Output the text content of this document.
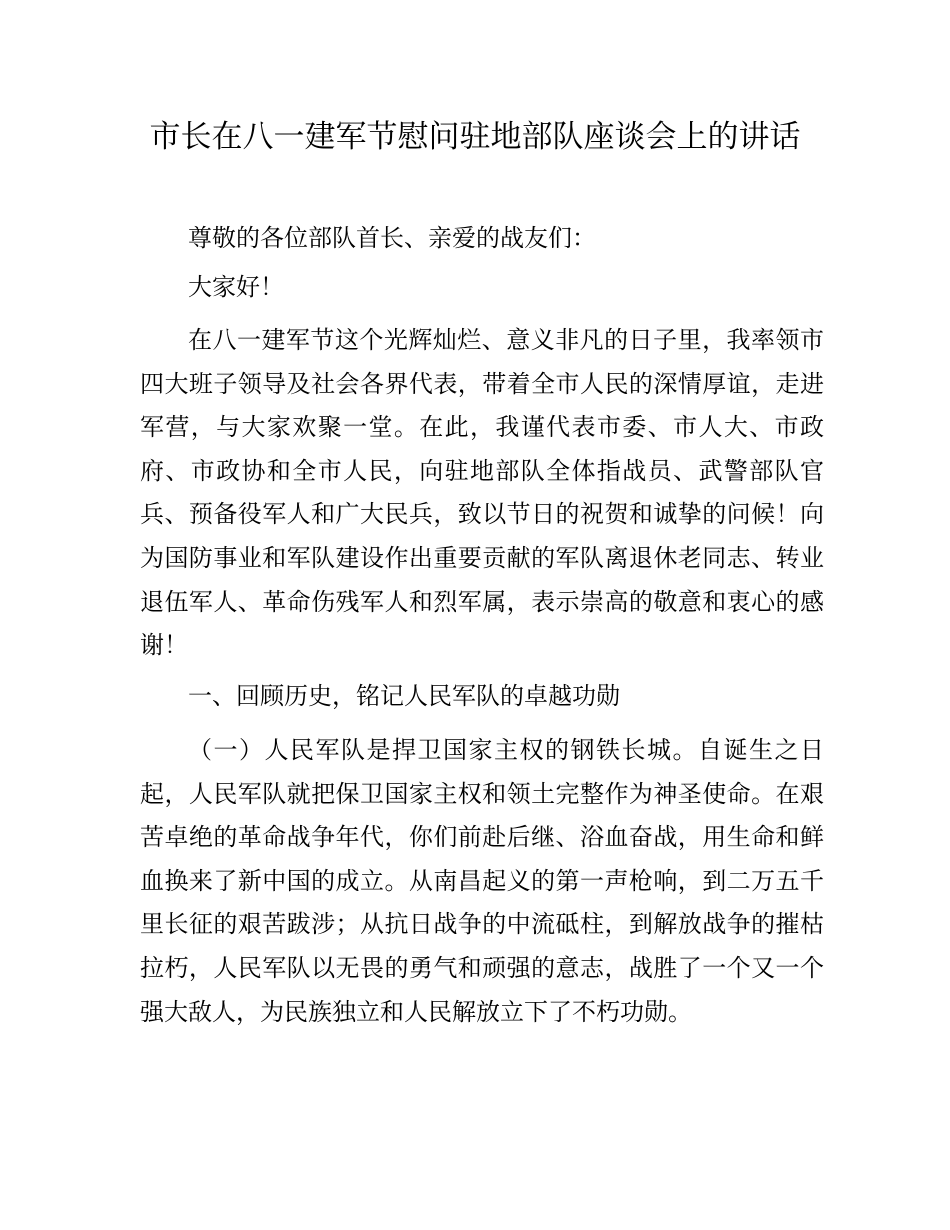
市长在八一建军节慰问驻地部队座谈会上的讲话

尊敬的各位部队首长、亲爱的战友们：

大家好！

在八一建军节这个光辉灿烂、意义非凡的日子里，我率领市四大班子领导及社会各界代表，带着全市人民的深情厚谊，走进军营，与大家欢聚一堂。在此，我谨代表市委、市人大、市政府、市政协和全市人民，向驻地部队全体指战员、武警部队官兵、预备役军人和广大民兵，致以节日的祝贺和诚挚的问候！向为国防事业和军队建设作出重要贡献的军队离退休老同志、转业退伍军人、革命伤残军人和烈军属，表示崇高的敬意和衷心的感谢！

一、回顾历史，铭记人民军队的卓越功勋

（一）人民军队是捍卫国家主权的钢铁长城。自诞生之日起，人民军队就把保卫国家主权和领土完整作为神圣使命。在艰苦卓绝的革命战争年代，你们前赴后继、浴血奋战，用生命和鲜血换来了新中国的成立。从南昌起义的第一声枪响，到二万五千里长征的艰苦跋涉；从抗日战争的中流砥柱，到解放战争的摧枯拉朽，人民军队以无畏的勇气和顽强的意志，战胜了一个又一个强大敌人，为民族独立和人民解放立下了不朽功勋。
